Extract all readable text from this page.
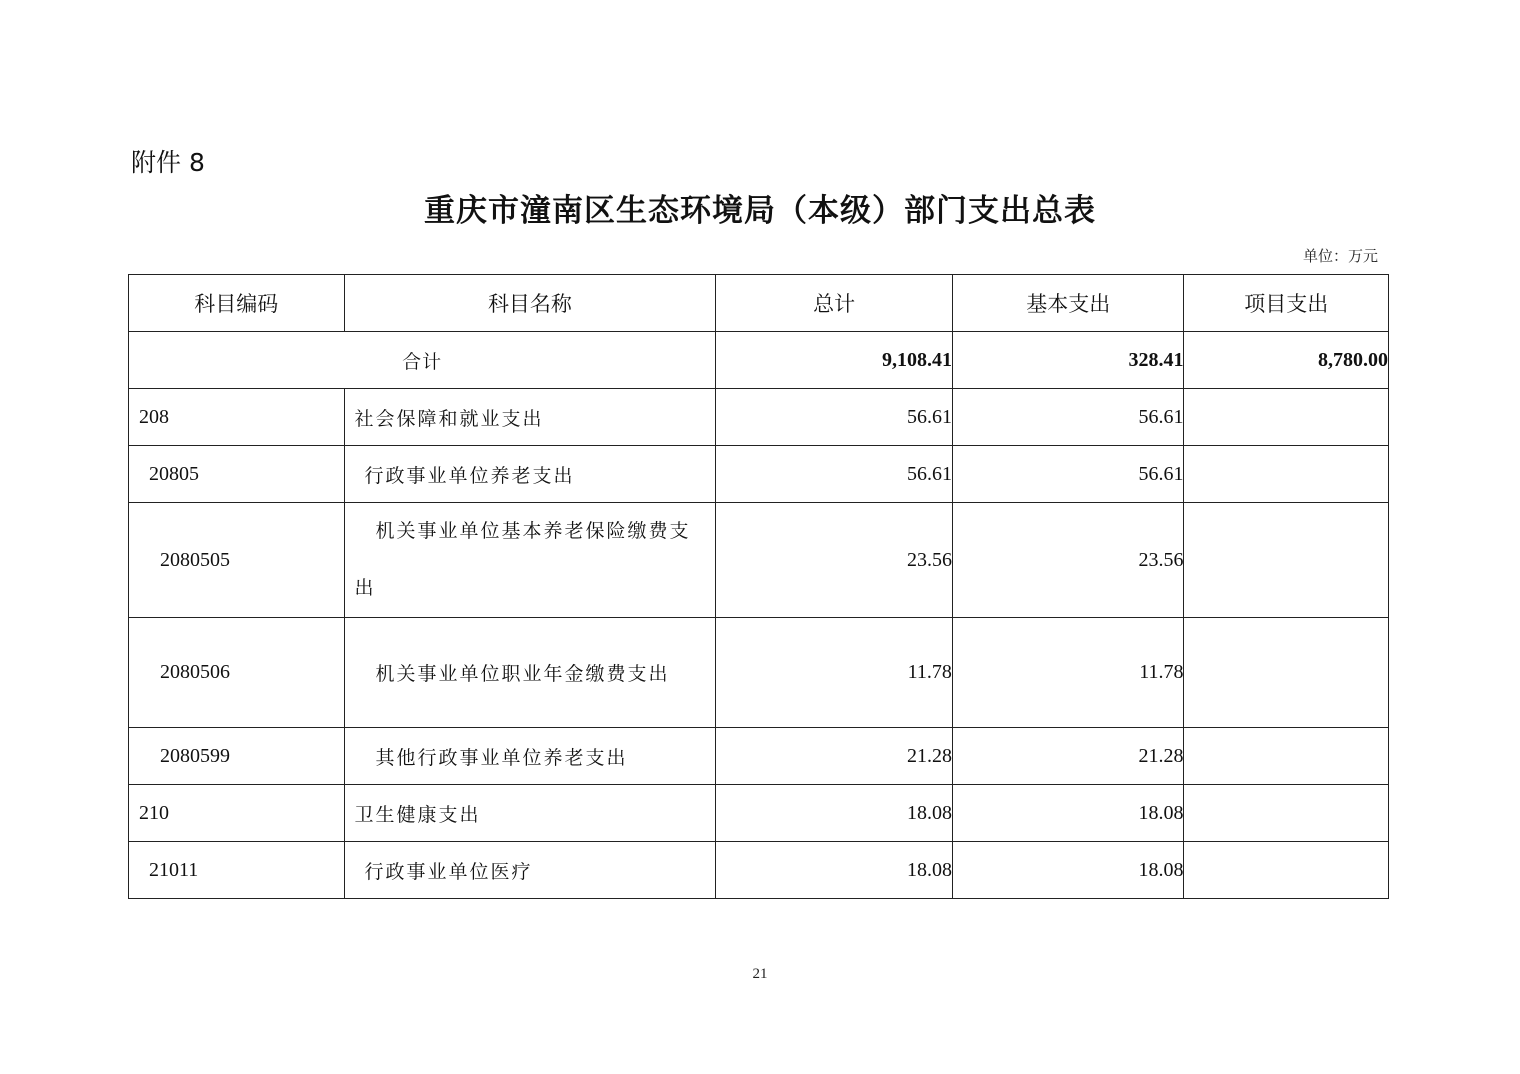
附件 8
重庆市潼南区生态环境局（本级）部门支出总表
单位：万元
科目编码	科目名称	总计	基本支出	项目支出
合计		9,108.41	328.41	8,780.00
208	社会保障和就业支出	56.61	56.61	
20805	行政事业单位养老支出	56.61	56.61	
2080505	机关事业单位基本养老保险缴费支出	23.56	23.56	
2080506	机关事业单位职业年金缴费支出	11.78	11.78	
2080599	其他行政事业单位养老支出	21.28	21.28	
210	卫生健康支出	18.08	18.08	
21011	行政事业单位医疗	18.08	18.08	
21
